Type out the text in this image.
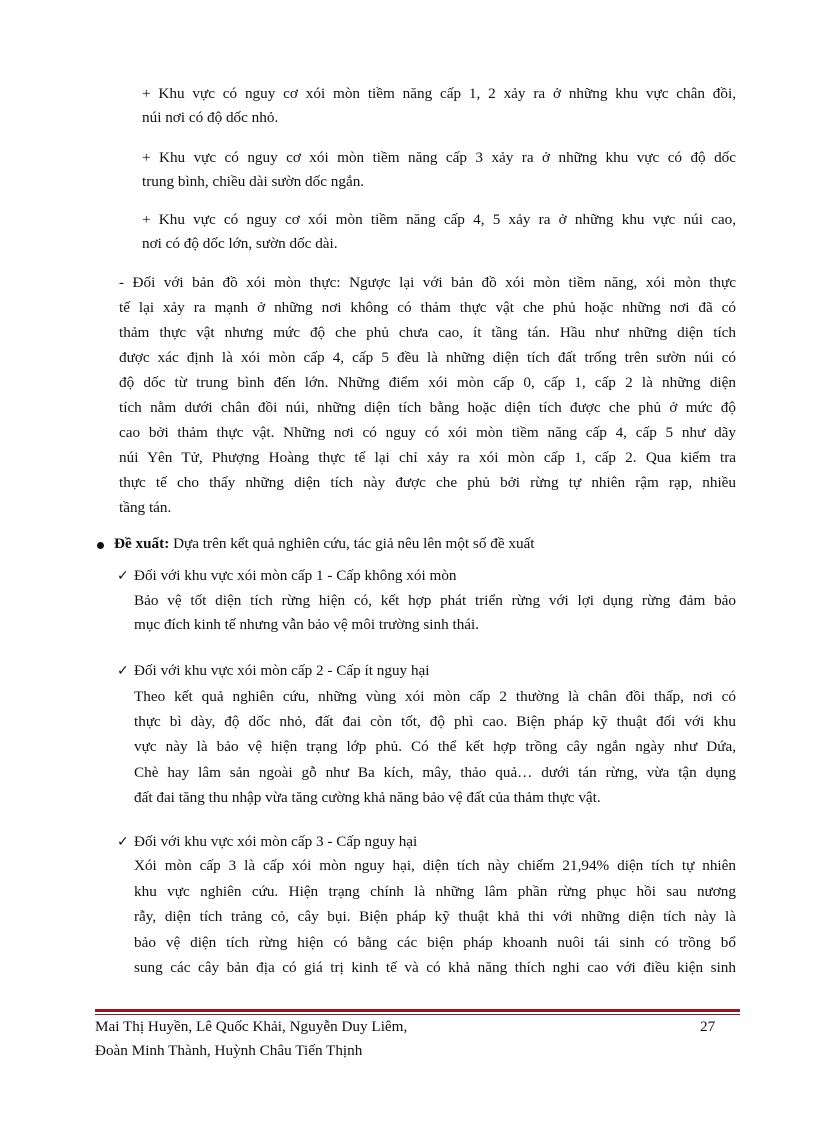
+ Khu vực có nguy cơ xói mòn tiềm năng cấp 1, 2 xảy ra ở những khu vực chân đồi,
núi nơi có độ dốc nhỏ.
+ Khu vực có nguy cơ xói mòn tiềm năng cấp 3 xảy ra ở những khu vực có độ dốc
trung bình, chiều dài sườn dốc ngắn.
+ Khu vực có nguy cơ xói mòn tiềm năng cấp 4, 5 xảy ra ở những khu vực núi cao,
nơi có độ dốc lớn, sườn dốc dài.
- Đối với bản đồ xói mòn thực: Ngược lại với bản đồ xói mòn tiềm năng, xói mòn thực
tế lại xảy ra mạnh ở những nơi không có thảm thực vật che phủ hoặc những nơi đã có
thảm thực vật nhưng mức độ che phủ chưa cao, ít tầng tán. Hầu như những diện tích
được xác định là xói mòn cấp 4, cấp 5 đều là những diện tích đất trống trên sườn núi có
độ dốc từ trung bình đến lớn. Những điểm xói mòn cấp 0, cấp 1, cấp 2 là những diện
tích nằm dưới chân đồi núi, những diện tích bằng hoặc diện tích được che phủ ở mức độ
cao bởi thảm thực vật. Những nơi có nguy có xói mòn tiềm năng cấp 4, cấp 5 như dãy
núi Yên Tử, Phượng Hoàng thực tế lại chỉ xảy ra xói mòn cấp 1, cấp 2. Qua kiểm tra
thực tế cho thấy những diện tích này được che phủ bởi rừng tự nhiên rậm rạp, nhiều
tầng tán.
Đề xuất: Dựa trên kết quả nghiên cứu, tác giả nêu lên một số đề xuất
✓ Đối với khu vực xói mòn cấp 1 - Cấp không xói mòn
Bảo vệ tốt diện tích rừng hiện có, kết hợp phát triển rừng với lợi dụng rừng đảm bảo
mục đích kinh tế nhưng vẫn bảo vệ môi trường sinh thái.
✓ Đối với khu vực xói mòn cấp 2 - Cấp ít nguy hại
Theo kết quả nghiên cứu, những vùng xói mòn cấp 2 thường là chân đồi thấp, nơi có
thực bì dày, độ dốc nhỏ, đất đai còn tốt, độ phì cao. Biện pháp kỹ thuật đối với khu
vực này là bảo vệ hiện trạng lớp phủ. Có thể kết hợp trồng cây ngắn ngày như Dứa,
Chè hay lâm sản ngoài gỗ như Ba kích, mây, thảo quả… dưới tán rừng, vừa tận dụng
đất đai tăng thu nhập vừa tăng cường khả năng bảo vệ đất của thảm thực vật.
✓ Đối với khu vực xói mòn cấp 3 - Cấp nguy hại
Xói mòn cấp 3 là cấp xói mòn nguy hại, diện tích này chiếm 21,94% diện tích tự nhiên
khu vực nghiên cứu. Hiện trạng chính là những lâm phần rừng phục hồi sau nương
rẫy, diện tích trảng cỏ, cây bụi. Biện pháp kỹ thuật khả thi với những diện tích này là
bảo vệ diện tích rừng hiện có bằng các biện pháp khoanh nuôi tái sinh có trồng bổ
sung các cây bản địa có giá trị kinh tế và có khả năng thích nghi cao với điều kiện sinh
Mai Thị Huyền, Lê Quốc Khải, Nguyễn Duy Liêm,
Đoàn Minh Thành, Huỳnh Châu Tiến Thịnh
27
